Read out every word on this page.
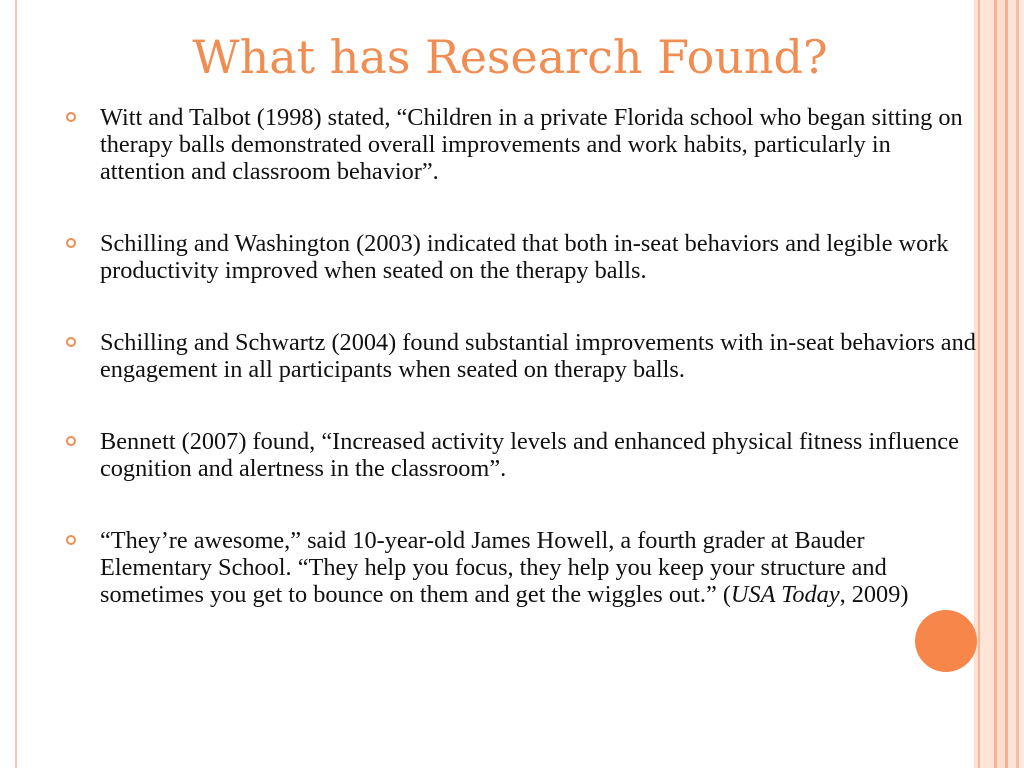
What has Research Found?
Witt and Talbot (1998) stated, “Children in a private Florida school who began sitting on therapy balls demonstrated overall improvements and work habits, particularly in attention and classroom behavior”.
Schilling and Washington (2003) indicated that both in-seat behaviors and legible work productivity improved when seated on the therapy balls.
Schilling and Schwartz (2004) found substantial improvements with in-seat behaviors and engagement in all participants when seated on therapy balls.
Bennett (2007) found, “Increased activity levels and enhanced physical fitness influence cognition and alertness in the classroom”.
“They’re awesome,” said 10-year-old James Howell, a fourth grader at Bauder Elementary School. “They help you focus, they help you keep your structure and sometimes you get to bounce on them and get the wiggles out.” (USA Today, 2009)
